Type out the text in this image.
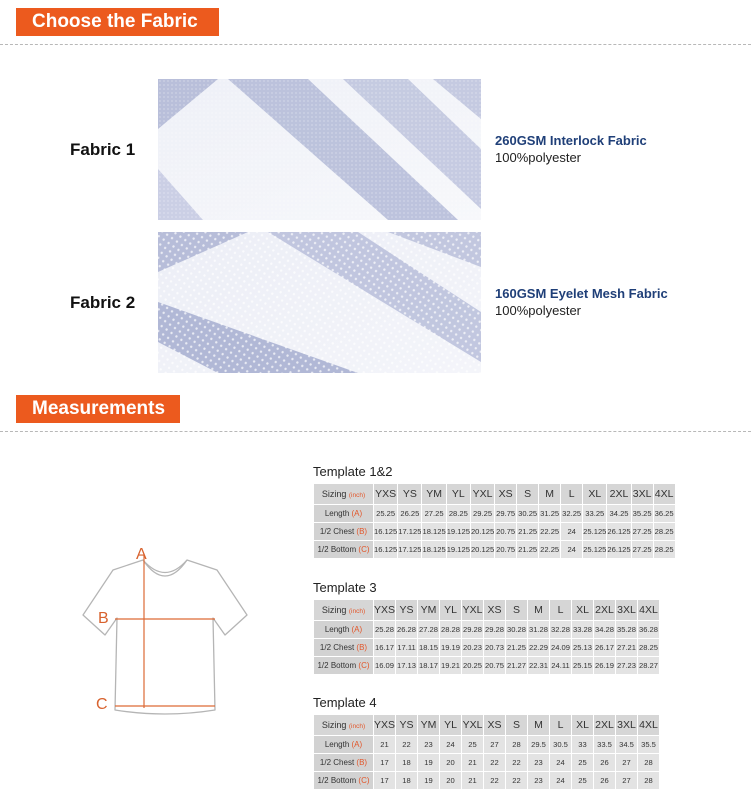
Choose the Fabric
Fabric 1	260GSM Interlock Fabric
100%polyester
Fabric 2	160GSM Eyelet Mesh Fabric
100%polyester
Measurements
A
B
C
Template 1&2
Sizing (inch)	YXS	YS	YM	YL	YXL	XS	S	M	L	XL	2XL	3XL	4XL
Length (A)	25.25	26.25	27.25	28.25	29.25	29.75	30.25	31.25	32.25	33.25	34.25	35.25	36.25
1/2 Chest (B)	16.125	17.125	18.125	19.125	20.125	20.75	21.25	22.25	24	25.125	26.125	27.25	28.25
1/2 Bottom (C)	16.125	17.125	18.125	19.125	20.125	20.75	21.25	22.25	24	25.125	26.125	27.25	28.25
Template 3
Sizing (inch)	YXS	YS	YM	YL	YXL	XS	S	M	L	XL	2XL	3XL	4XL
Length (A)	25.28	26.28	27.28	28.28	29.28	29.28	30.28	31.28	32.28	33.28	34.28	35.28	36.28
1/2 Chest (B)	16.17	17.11	18.15	19.19	20.23	20.73	21.25	22.29	24.09	25.13	26.17	27.21	28.25
1/2 Bottom (C)	16.09	17.13	18.17	19.21	20.25	20.75	21.27	22.31	24.11	25.15	26.19	27.23	28.27
Template 4
Sizing (inch)	YXS	YS	YM	YL	YXL	XS	S	M	L	XL	2XL	3XL	4XL
Length (A)	21	22	23	24	25	27	28	29.5	30.5	33	33.5	34.5	35.5
1/2 Chest (B)	17	18	19	20	21	22	22	23	24	25	26	27	28
1/2 Bottom (C)	17	18	19	20	21	22	22	23	24	25	26	27	28
